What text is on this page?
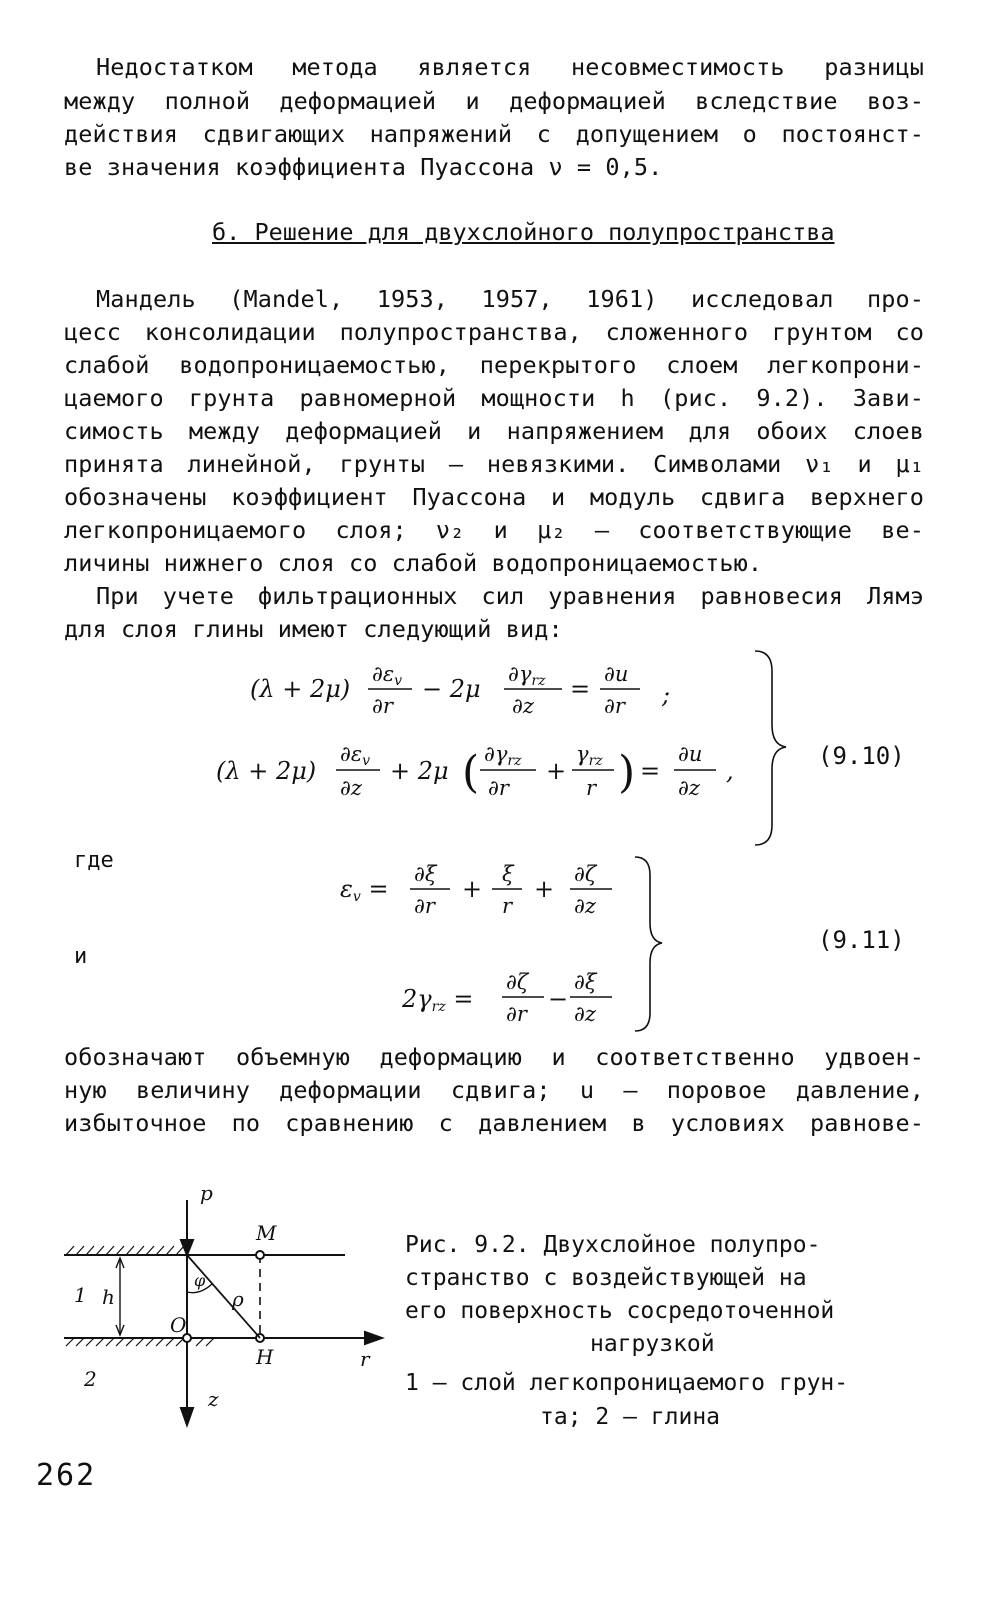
Недостатком метода является несовместимость разницы
между полной деформацией и деформацией вследствие воз-
действия сдвигающих напряжений с допущением о постоянст-
ве значения коэффициента Пуассона ν = 0,5.
б. Решение для двухслойного полупространства
Мандель (Mandel, 1953, 1957, 1961) исследовал про-
цесс консолидации полупространства, сложенного грунтом со
слабой водопроницаемостью, перекрытого слоем легкопрони-
цаемого грунта равномерной мощности h (рис. 9.2). Зави-
симость между деформацией и напряжением для обоих слоев
принята линейной, грунты – невязкими. Символами ν₁ и μ₁
обозначены коэффициент Пуассона и модуль сдвига верхнего
легкопроницаемого слоя; ν₂ и μ₂ – соответствующие ве-
личины нижнего слоя со слабой водопроницаемостью.
При учете фильтрационных сил уравнения равновесия Лямэ
для слоя глины имеют следующий вид:
(λ + 2μ)
∂εv
∂r
− 2μ
∂γrz
∂z
=
∂u
∂r ;
(λ + 2μ)
∂εv
∂z
+ 2μ ( ∂γrz
∂r
+
γrz
r ) =
∂u
∂z
,
(9.10)
где
и
εv =
∂ξ
∂r
+
ξ
r
+
∂ζ
∂z
2γrz =
∂ζ
∂r
−
∂ξ
∂z
(9.11)
обозначают объемную деформацию и соответственно удвоен-
ную величину деформации сдвига; u – поровое давление,
избыточное по сравнению с давлением в условиях равнове-
p
M
ρ
φ
O
H
h
r
z
1
2
Рис. 9.2. Двухслойное полупро-
странство с воздействующей на
его поверхность сосредоточенной
нагрузкой
1 – слой легкопроницаемого грун-
та; 2 – глина
262
